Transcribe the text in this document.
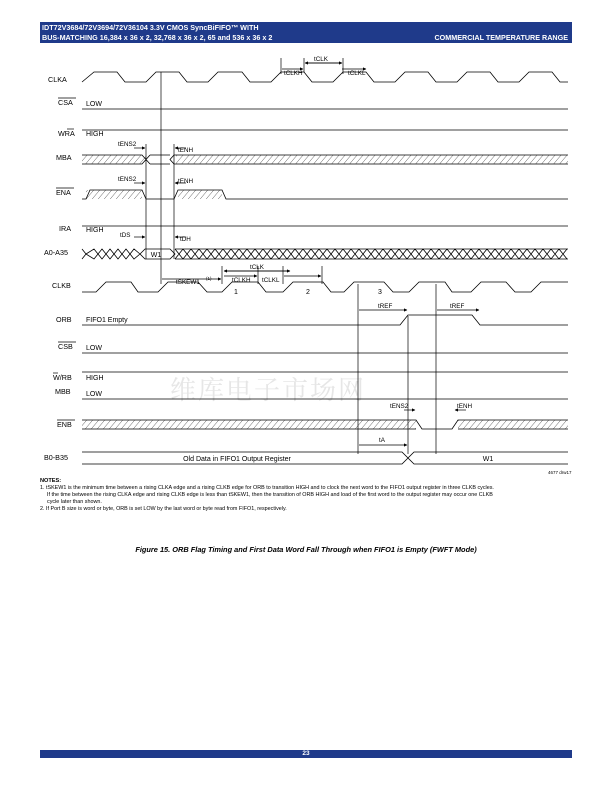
IDT72V3684/72V3694/72V36104 3.3V CMOS SyncBiFIFO™ WITH
BUS-MATCHING 16,384 x 36 x 2, 32,768 x 36 x 2, 65 and 536 x 36 x 2	COMMERCIAL TEMPERATURE RANGE
维库电子市场网
CLKA
CSA
WRA
MBA
ENA
IRA
A0-A35
CLKB
ORB
CSB
W/RB
MBB
ENB
B0-B35
LOW
HIGH
HIGH
W1
1	2	3
FIFO1 Empty
LOW
HIGH
LOW
Old Data in FIFO1 Output Register	W1
tCLK
tCLKH	tCLKL
tENS2
tENH
tENS2	tENH
tDS
tDH
tSKEW1
(1)
tCLK
tCLKH tCLKL
tREF	tREF
tENS2	tENH
tA
4677 drw17

NOTES:

1. tSKEW1 is the minimum time between a rising CLKA edge and a rising CLKB edge for ORB to transition HIGH and to clock the next word to the FIFO1 output register in three CLKB cycles.

If the time between the rising CLKA edge and rising CLKB edge is less than tSKEW1, then the transition of ORB HIGH and load of the first word to the output register may occur one CLKB

cycle later than shown.

2. If Port B size is word or byte, ORB is set LOW by the last word or byte read from FIFO1, respectively.

Figure 15. ORB Flag Timing and First Data Word Fall Through when FIFO1 is Empty (FWFT Mode)
23
